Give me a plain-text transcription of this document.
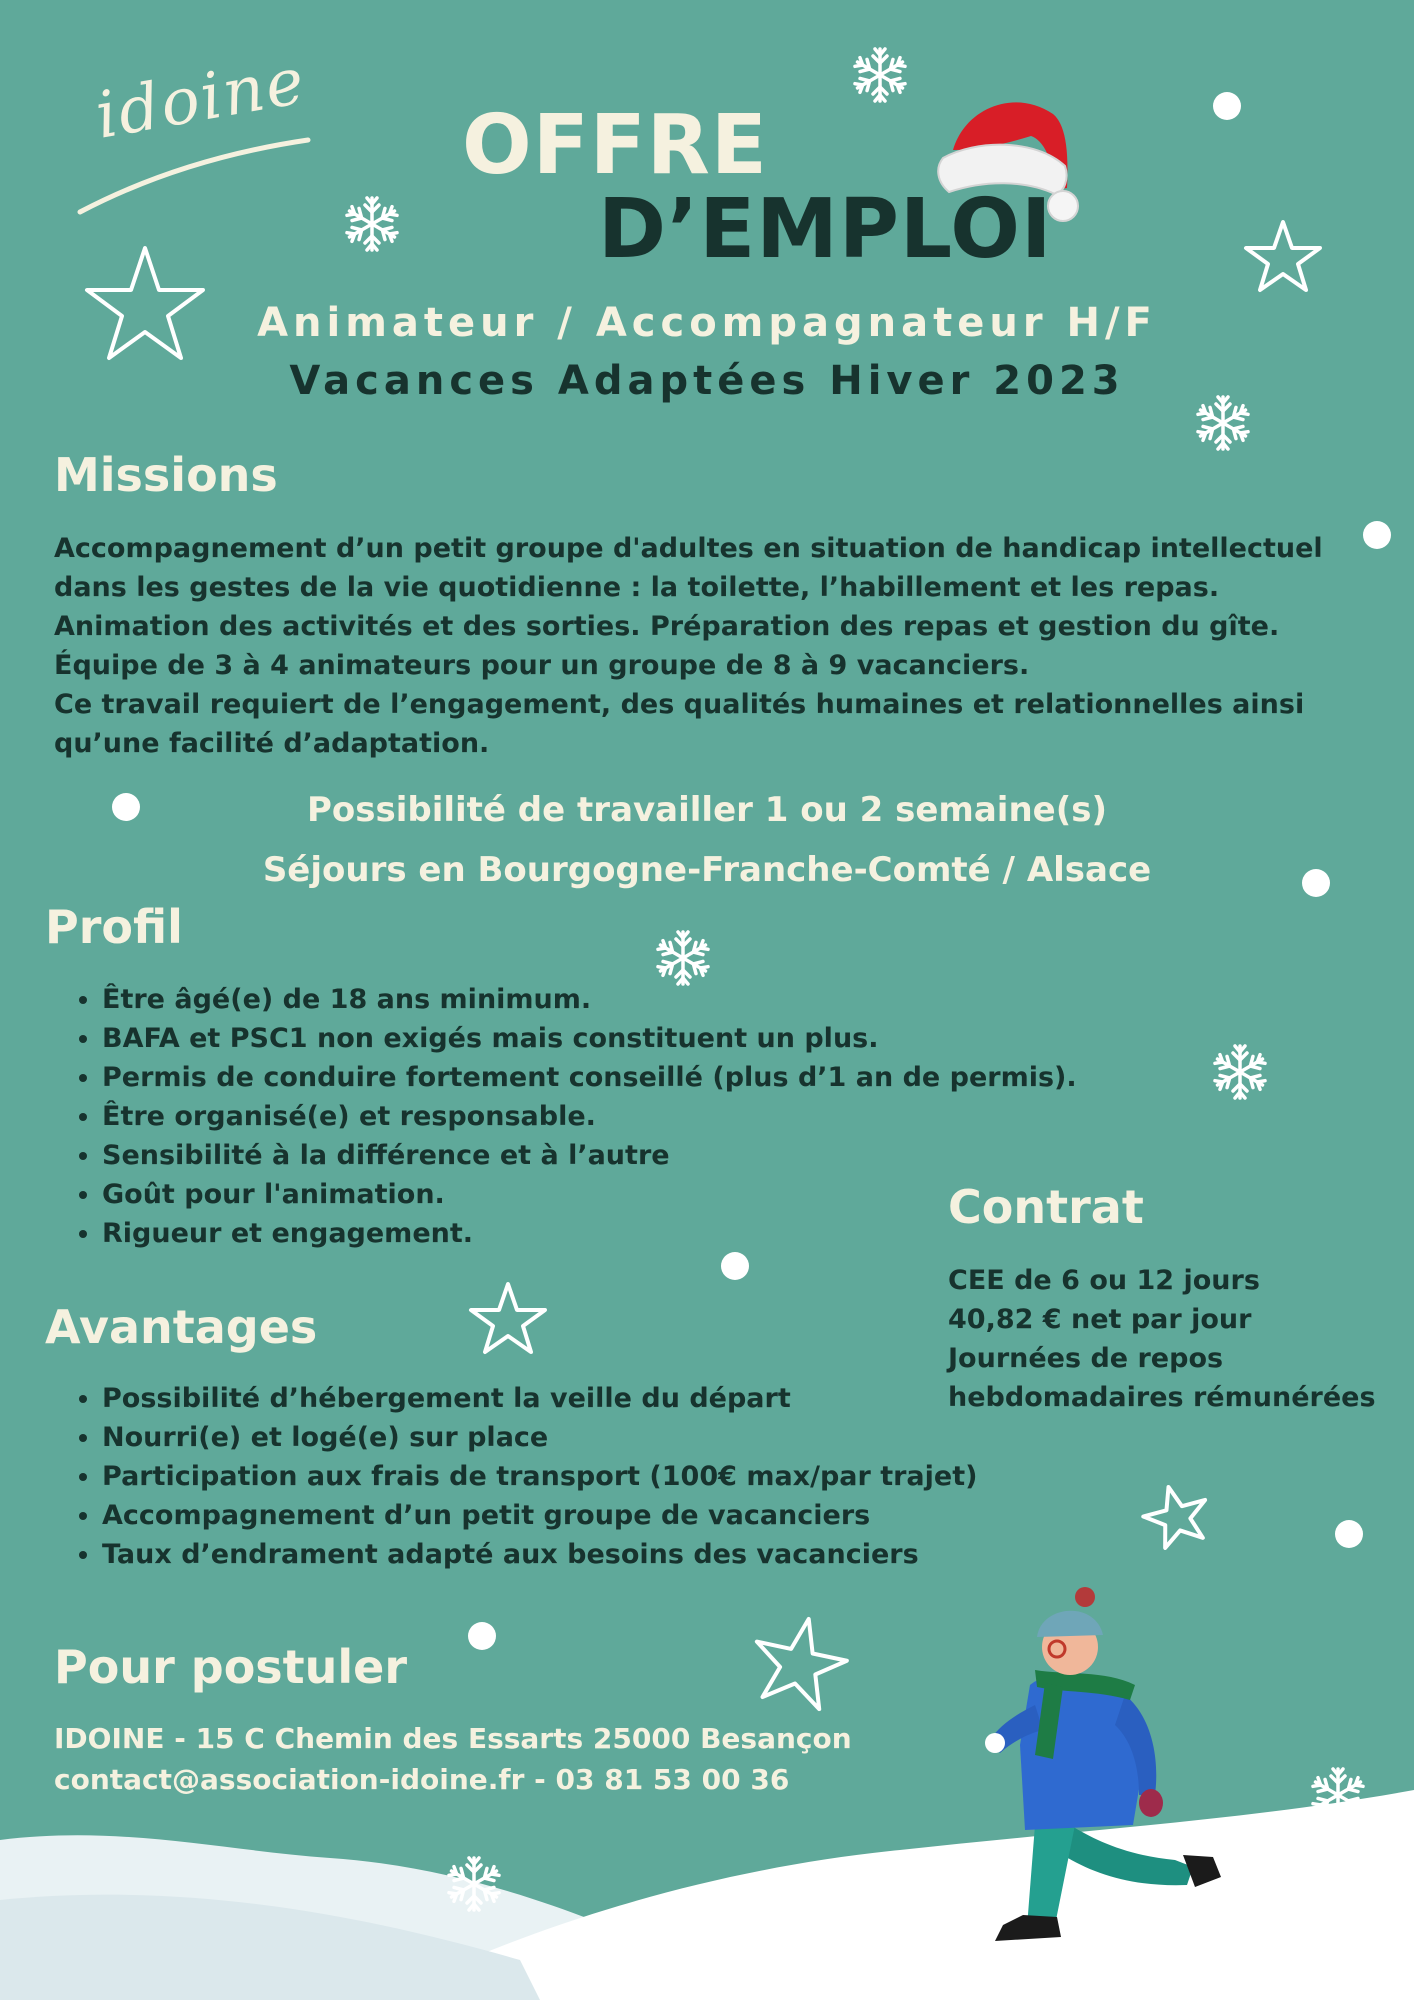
idoine OFFRE
D’EMPLOI
Animateur / Accompagnateur H/F
Vacances Adaptées Hiver 2023
Missions

Accompagnement d’un petit groupe d'adultes en situation de handicap intellectuel

dans les gestes de la vie quotidienne : la toilette, l’habillement et les repas.

Animation des activités et des sorties. Préparation des repas et gestion du gîte.

Équipe de 3 à 4 animateurs pour un groupe de 8 à 9 vacanciers.

Ce travail requiert de l’engagement, des qualités humaines et relationnelles ainsi

qu’une facilité d’adaptation.

Possibilité de travailler 1 ou 2 semaine(s)
Séjours en Bourgogne-Franche-Comté / Alsace
Profil
• Être âgé(e) de 18 ans minimum.
• BAFA et PSC1 non exigés mais constituent un plus.
• Permis de conduire fortement conseillé (plus d’1 an de permis).
• Être organisé(e) et responsable.
• Sensibilité à la différence et à l’autre
• Goût pour l'animation.
• Rigueur et engagement.	Contrat
CEE de 6 ou 12 jours
40,82 € net par jour
Journées de repos
hebdomadaires rémunérées
Avantages
• Possibilité d’hébergement la veille du départ
• Nourri(e) et logé(e) sur place
• Participation aux frais de transport (100€ max/par trajet)
• Accompagnement d’un petit groupe de vacanciers
• Taux d’endrament adapté aux besoins des vacanciers
Pour postuler
IDOINE - 15 C Chemin des Essarts 25000 Besançon
contact@association-idoine.fr - 03 81 53 00 36
